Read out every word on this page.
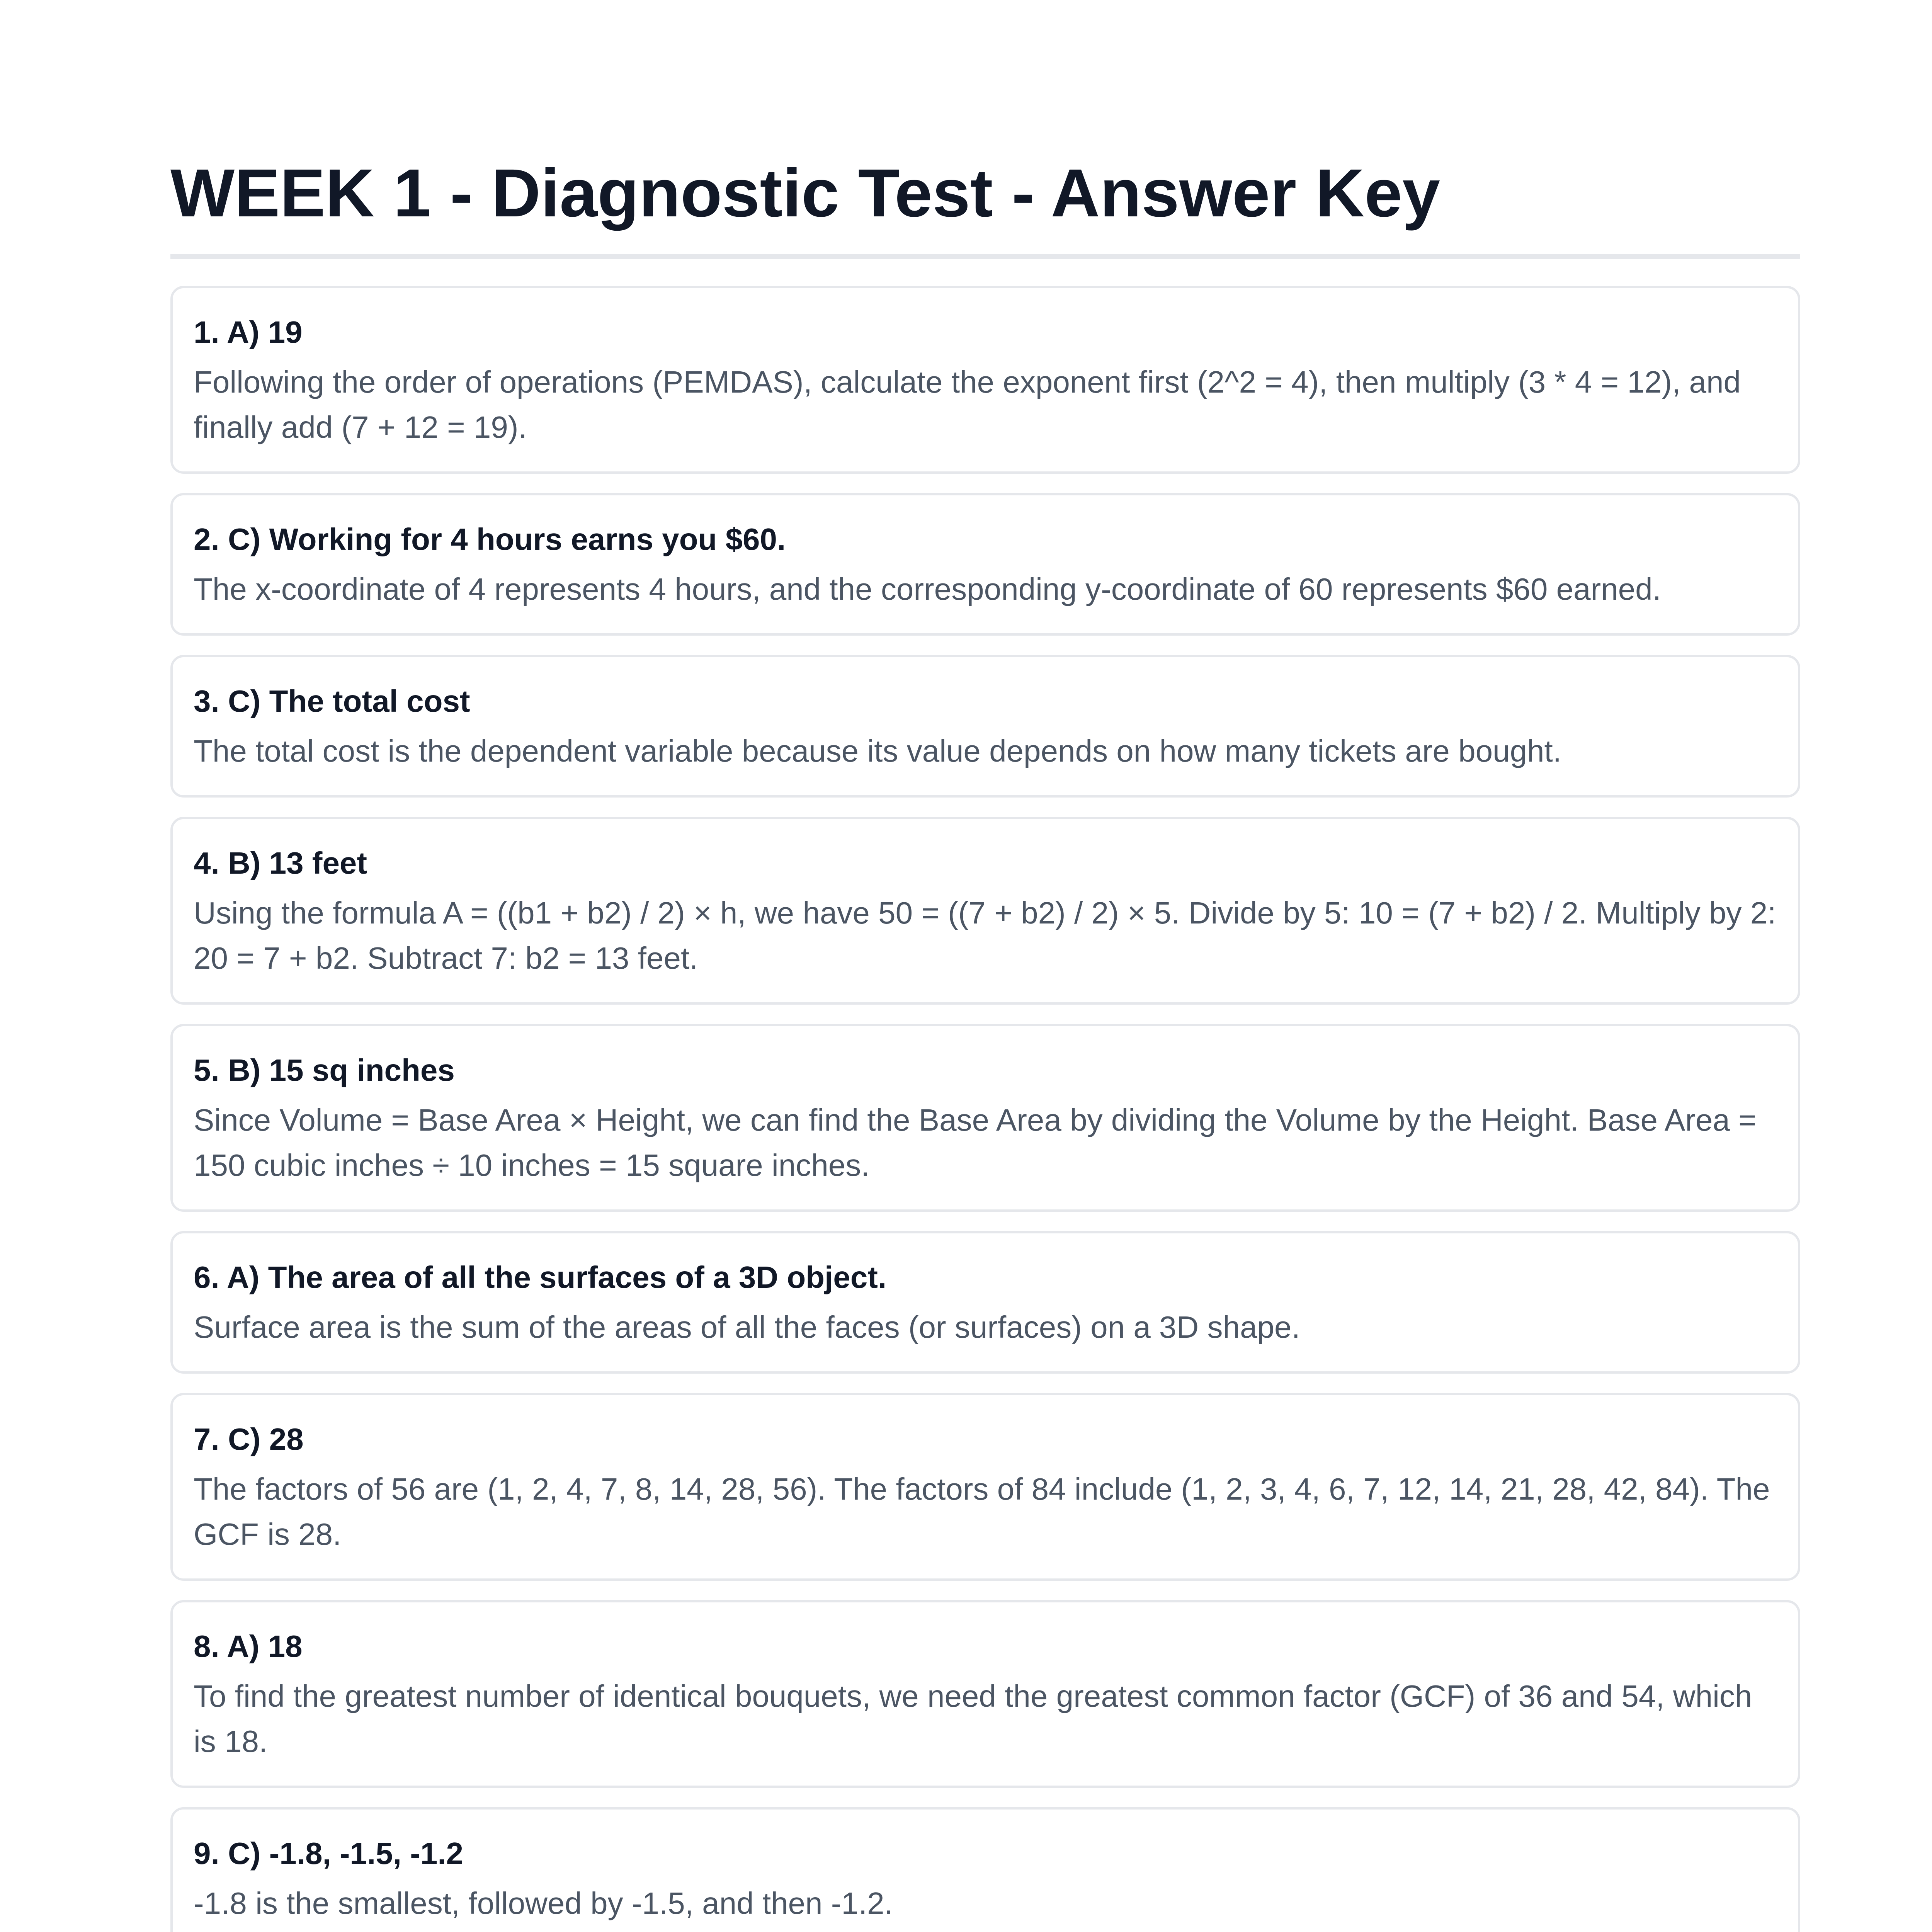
WEEK 1 - Diagnostic Test - Answer Key
1. A) 19

Following the order of operations (PEMDAS), calculate the exponent first (2^2 = 4), then multiply (3 * 4 = 12), and finally add (7 + 12 = 19).

2. C) Working for 4 hours earns you $60.

The x-coordinate of 4 represents 4 hours, and the corresponding y-coordinate of 60 represents $60 earned.

3. C) The total cost

The total cost is the dependent variable because its value depends on how many tickets are bought.

4. B) 13 feet

Using the formula A = ((b1 + b2) / 2) × h, we have 50 = ((7 + b2) / 2) × 5. Divide by 5: 10 = (7 + b2) / 2. Multiply by 2: 20 = 7 + b2. Subtract 7: b2 = 13 feet.

5. B) 15 sq inches

Since Volume = Base Area × Height, we can find the Base Area by dividing the Volume by the Height. Base Area = 150 cubic inches ÷ 10 inches = 15 square inches.

6. A) The area of all the surfaces of a 3D object.

Surface area is the sum of the areas of all the faces (or surfaces) on a 3D shape.

7. C) 28

The factors of 56 are (1, 2, 4, 7, 8, 14, 28, 56). The factors of 84 include (1, 2, 3, 4, 6, 7, 12, 14, 21, 28, 42, 84). The GCF is 28.

8. A) 18

To find the greatest number of identical bouquets, we need the greatest common factor (GCF) of 36 and 54, which is 18.

9. C) -1.8, -1.5, -1.2

-1.8 is the smallest, followed by -1.5, and then -1.2.
